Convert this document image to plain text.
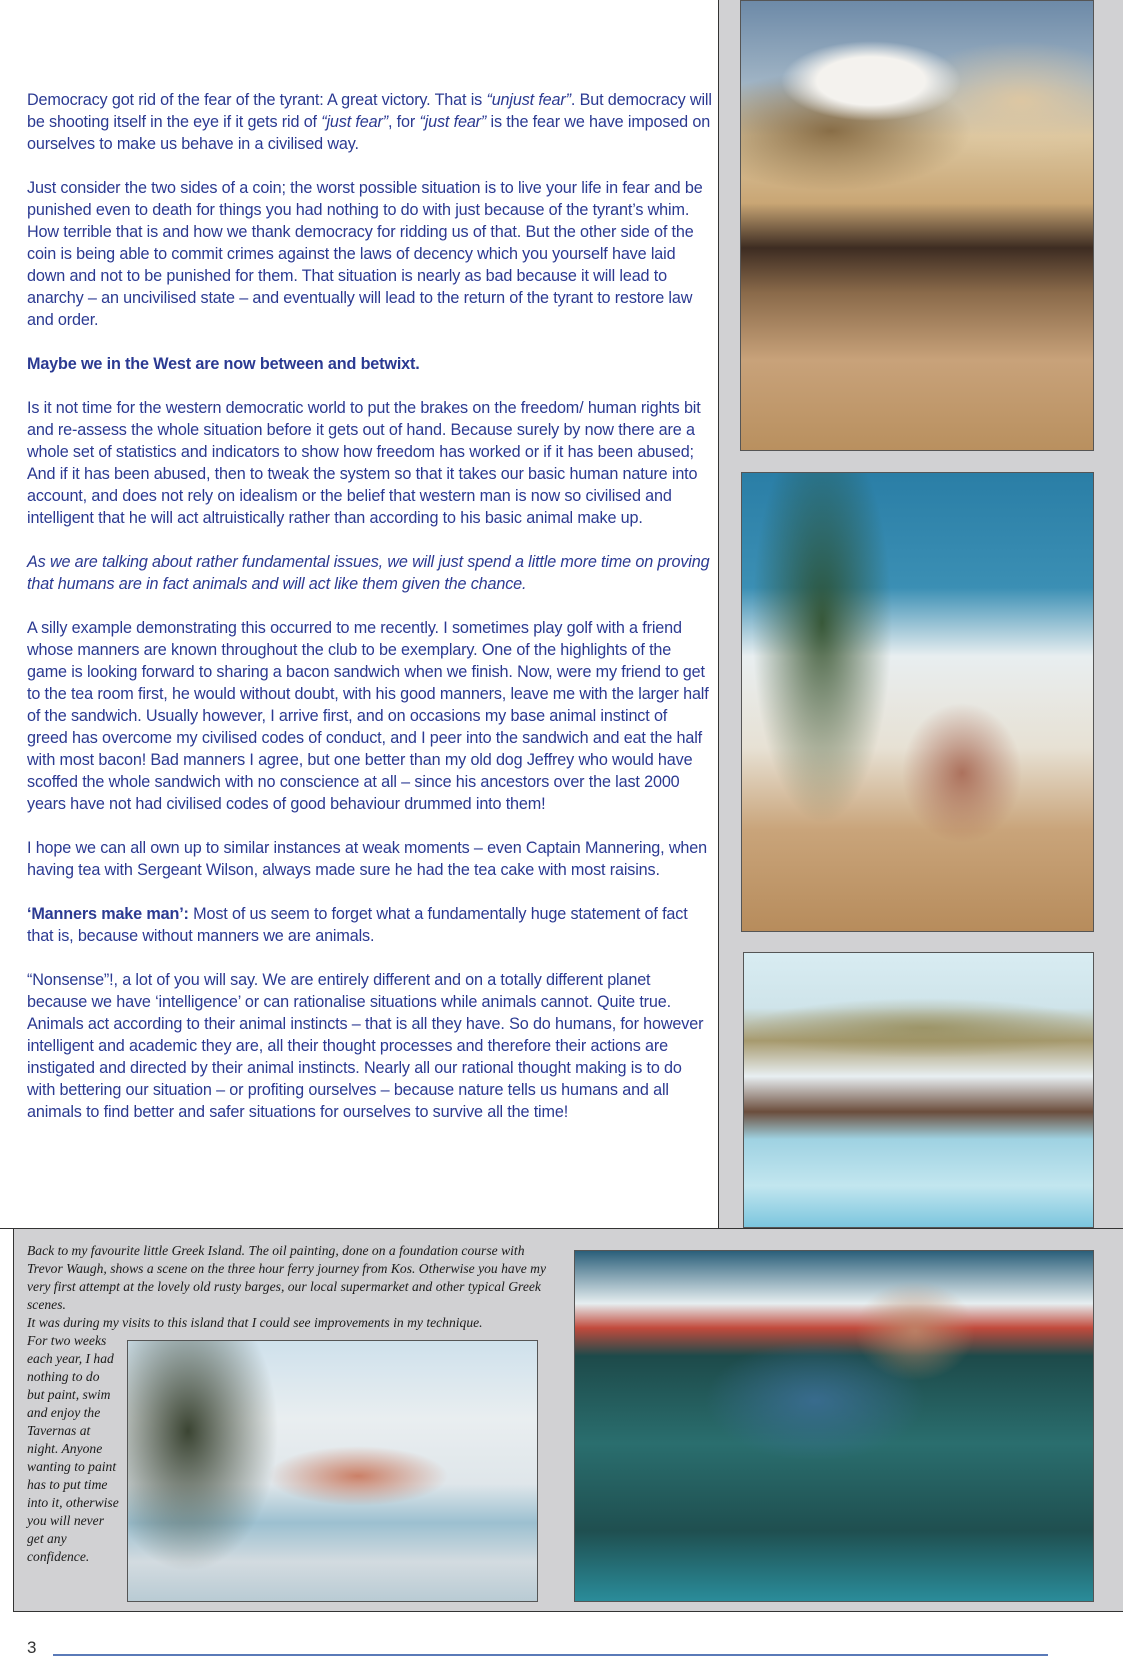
Democracy got rid of the fear of the tyrant: A great victory. That is “unjust fear”. But democracy will be shooting itself in the eye if it gets rid of “just fear”, for “just fear” is the fear we have imposed on ourselves to make us behave in a civilised way.

Just consider the two sides of a coin; the worst possible situation is to live your life in fear and be punished even to death for things you had nothing to do with just because of the tyrant’s whim. How terrible that is and how we thank democracy for ridding us of that. But the other side of the coin is being able to commit crimes against the laws of decency which you yourself have laid down and not to be punished for them. That situation is nearly as bad because it will lead to anarchy – an uncivilised state – and eventually will lead to the return of the tyrant to restore law and order.

Maybe we in the West are now between and betwixt.

Is it not time for the western democratic world to put the brakes on the freedom/ human rights bit and re-assess the whole situation before it gets out of hand. Because surely by now there are a whole set of statistics and indicators to show how freedom has worked or if it has been abused; And if it has been abused, then to tweak the system so that it takes our basic human nature into account, and does not rely on idealism or the belief that western man is now so civilised and intelligent that he will act altruistically rather than according to his basic animal make up.

As we are talking about rather fundamental issues, we will just spend a little more time on proving that humans are in fact animals and will act like them given the chance.

A silly example demonstrating this occurred to me recently. I sometimes play golf with a friend whose manners are known throughout the club to be exemplary. One of the highlights of the game is looking forward to sharing a bacon sandwich when we finish. Now, were my friend to get to the tea room first, he would without doubt, with his good manners, leave me with the larger half of the sandwich. Usually however, I arrive first, and on occasions my base animal instinct of greed has overcome my civilised codes of conduct, and I peer into the sandwich and eat the half with most bacon! Bad manners I agree, but one better than my old dog Jeffrey who would have scoffed the whole sandwich with no conscience at all – since his ancestors over the last 2000 years have not had civilised codes of good behaviour drummed into them!

I hope we can all own up to similar instances at weak moments – even Captain Mannering, when having tea with Sergeant Wilson, always made sure he had the tea cake with most raisins.

‘Manners make man’: Most of us seem to forget what a fundamentally huge statement of fact that is, because without manners we are animals.

“Nonsense”!, a lot of you will say. We are entirely different and on a totally different planet because we have ‘intelligence’ or can rationalise situations while animals cannot. Quite true. Animals act according to their animal instincts – that is all they have. So do humans, for however intelligent and academic they are, all their thought processes and therefore their actions are instigated and directed by their animal instincts. Nearly all our rational thought making is to do with bettering our situation – or profiting ourselves – because nature tells us humans and all animals to find better and safer situations for ourselves to survive all the time!

Back to my favourite little Greek Island. The oil painting, done on a foundation course with Trevor Waugh, shows a scene on the three hour ferry journey from Kos. Otherwise you have my very first attempt at the lovely old rusty barges, our local supermarket and other typical Greek scenes.
It was during my visits to this island that I could see improvements in my technique.
For two weeks each year, I had nothing to do but paint, swim and enjoy the Tavernas at night. Anyone wanting to paint has to put time into it, otherwise you will never get any confidence.
3
